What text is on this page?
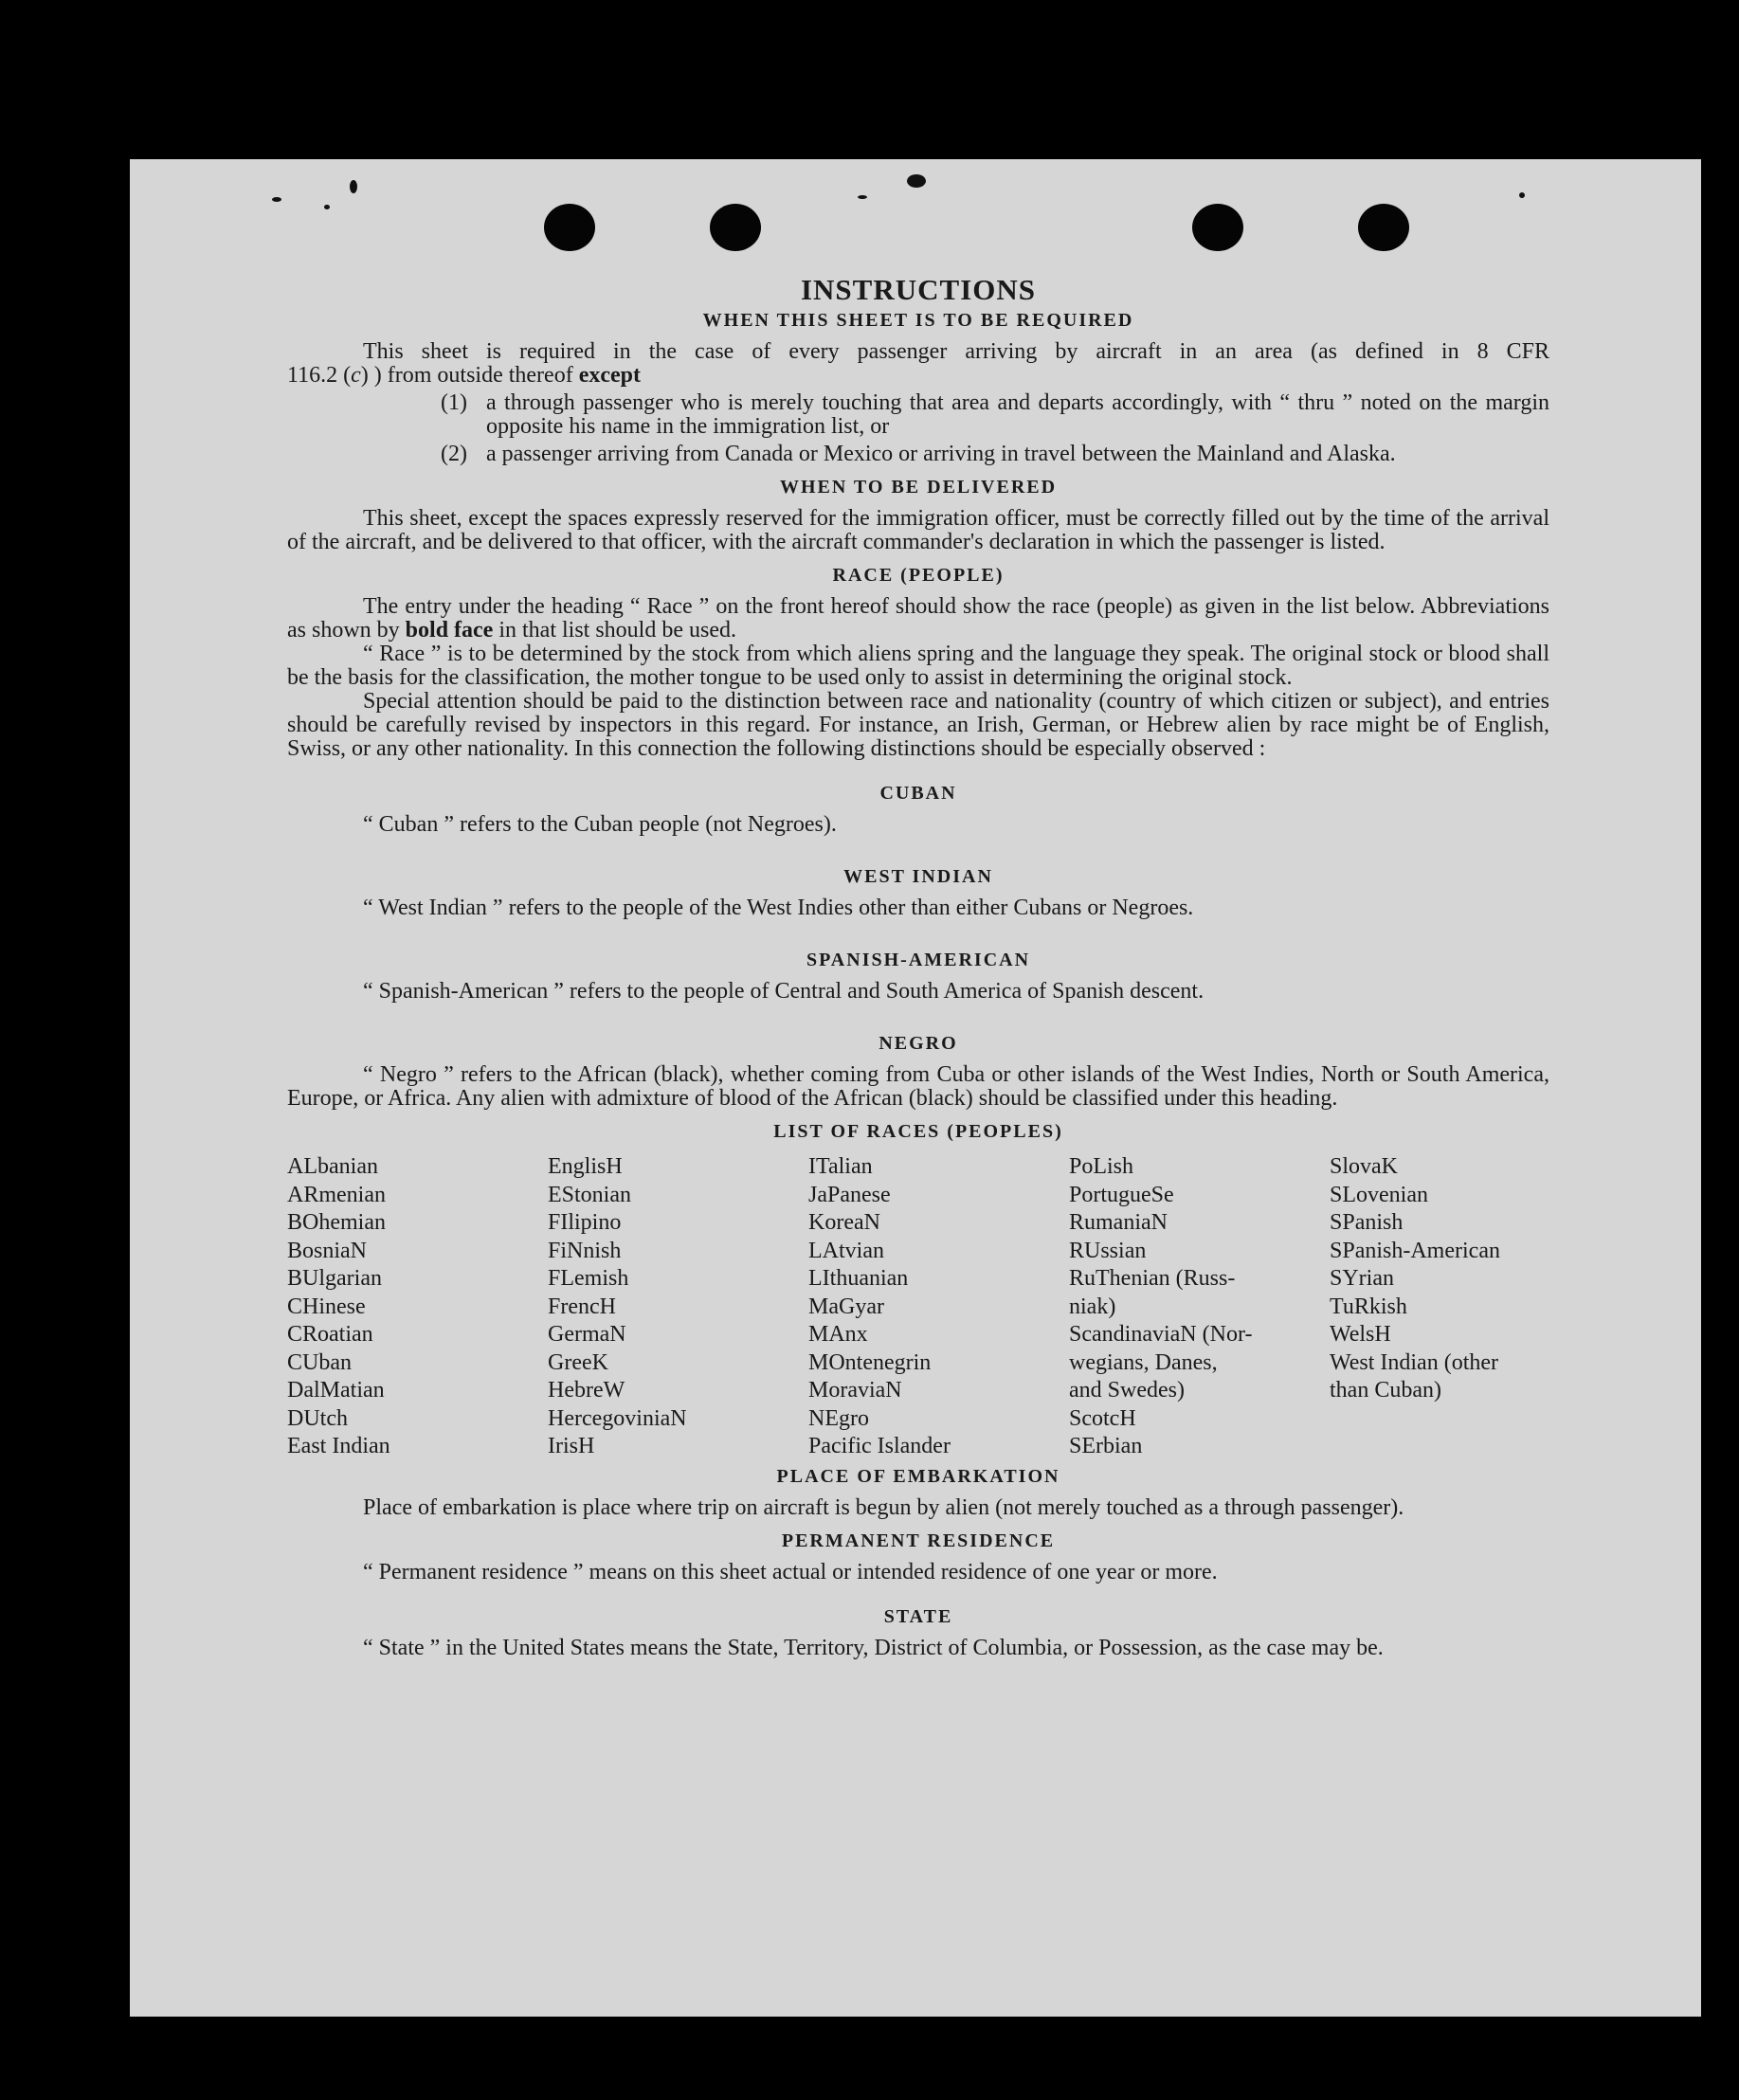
INSTRUCTIONS
WHEN THIS SHEET IS TO BE REQUIRED

This sheet is required in the case of every passenger arriving by aircraft in an area (as defined in 8 CFR

116.2 (c) ) from outside thereof except

(1) a through passenger who is merely touching that area and departs accordingly, with “ thru ” noted on the margin opposite his name in the immigration list, or
(2) a passenger arriving from Canada or Mexico or arriving in travel between the Mainland and Alaska.
WHEN TO BE DELIVERED

This sheet, except the spaces expressly reserved for the immigration officer, must be correctly filled out by the time of the arrival of the aircraft, and be delivered to that officer, with the aircraft commander's declaration in which the passenger is listed.

RACE (PEOPLE)

The entry under the heading “ Race ” on the front hereof should show the race (people) as given in the list below. Abbreviations as shown by bold face in that list should be used.

“ Race ” is to be determined by the stock from which aliens spring and the language they speak. The original stock or blood shall be the basis for the classification, the mother tongue to be used only to assist in determining the original stock.

Special attention should be paid to the distinction between race and nationality (country of which citizen or subject), and entries should be carefully revised by inspectors in this regard. For instance, an Irish, German, or Hebrew alien by race might be of English, Swiss, or any other nationality. In this connection the following distinctions should be especially observed :

CUBAN

“ Cuban ” refers to the Cuban people (not Negroes).

WEST INDIAN

“ West Indian ” refers to the people of the West Indies other than either Cubans or Negroes.

SPANISH-AMERICAN

“ Spanish-American ” refers to the people of Central and South America of Spanish descent.

NEGRO

“ Negro ” refers to the African (black), whether coming from Cuba or other islands of the West Indies, North or South America, Europe, or Africa. Any alien with admixture of blood of the African (black) should be classified under this heading.

LIST OF RACES (PEOPLES)
ALbanian
ARmenian
BOhemian
BosniaN
BUlgarian
CHinese
CRoatian
CUban
DalMatian
DUtch
East Indian
EnglisH
EStonian
FIlipino
FiNnish
FLemish
FrencH
GermaN
GreeK
HebreW
HercegoviniaN
IrisH
ITalian
JaPanese
KoreaN
LAtvian
LIthuanian
MaGyar
MAnx
MOntenegrin
MoraviaN
NEgro
Pacific Islander
PoLish
PortugueSe
RumaniaN
RUssian
RuThenian (Russ-
niak)
ScandinaviaN (Nor-
wegians, Danes,
and Swedes)
ScotcH
SErbian
SlovaK
SLovenian
SPanish
SPanish-American
SYrian
TuRkish
WelsH
West Indian (other
than Cuban)
PLACE OF EMBARKATION

Place of embarkation is place where trip on aircraft is begun by alien (not merely touched as a through passenger).

PERMANENT RESIDENCE

“ Permanent residence ” means on this sheet actual or intended residence of one year or more.

STATE

“ State ” in the United States means the State, Territory, District of Columbia, or Possession, as the case may be.
